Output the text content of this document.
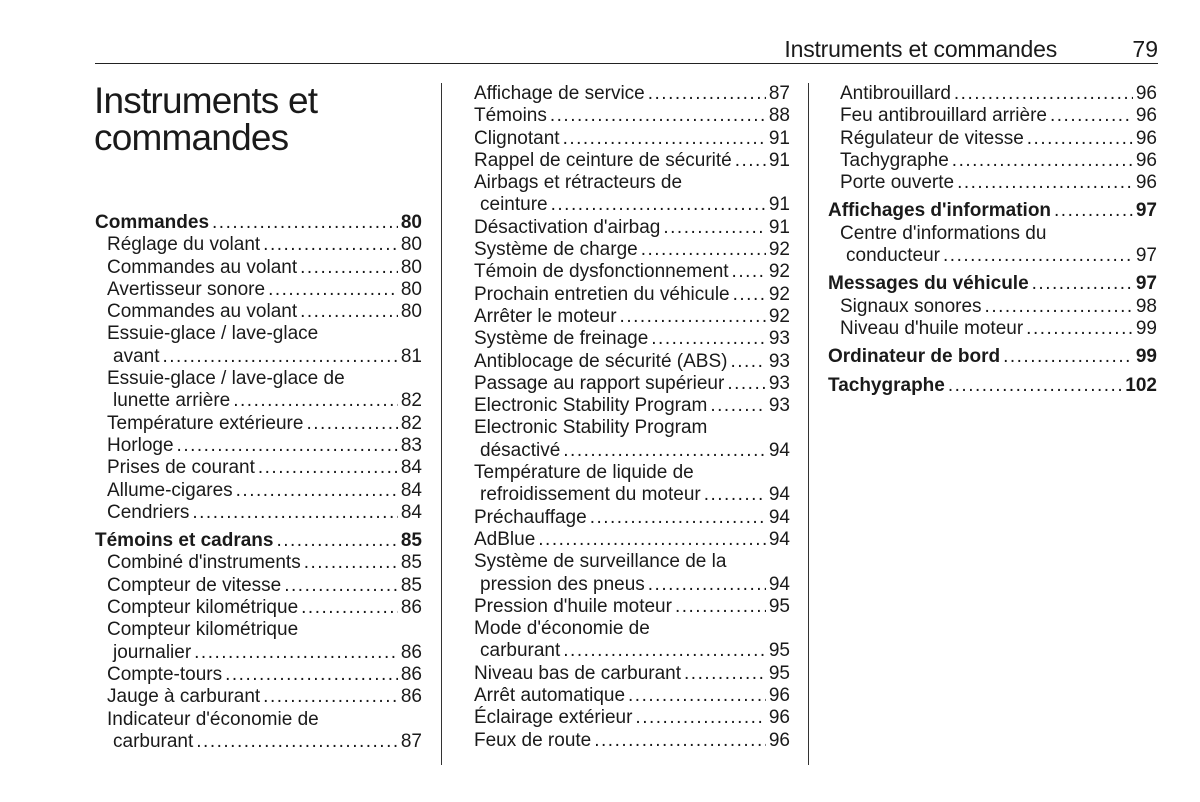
Instruments et commandes	79
Instruments et
commandes
Commandes .....	80
Réglage du volant .....	80
Commandes au volant .....	80
Avertisseur sonore .....	80
Commandes au volant .....	80
Essuie-glace / lave-glace
avant .....	81
Essuie-glace / lave-glace de
lunette arrière .....	82
Température extérieure .....	82
Horloge .....	83
Prises de courant .....	84
Allume-cigares .....	84
Cendriers .....	84
Témoins et cadrans .....	85
Combiné d'instruments .....	85
Compteur de vitesse .....	85
Compteur kilométrique .....	86
Compteur kilométrique
journalier .....	86
Compte-tours .....	86
Jauge à carburant .....	86
Indicateur d'économie de
carburant .....	87
Affichage de service .....	87
Témoins .....	88
Clignotant .....	91
Rappel de ceinture de sécurité ..... 91
Airbags et rétracteurs de
ceinture .....	91
Désactivation d'airbag .....	91
Système de charge .....	92
Témoin de dysfonctionnement ..... 92
Prochain entretien du véhicule ..... 92
Arrêter le moteur .....	92
Système de freinage .....	93
Antiblocage de sécurité (ABS) ..... 93
Passage au rapport supérieur ..... 93
Electronic Stability Program .....	93
Electronic Stability Program
désactivé .....	94
Température de liquide de
refroidissement du moteur .....	94
Préchauffage .....	94
AdBlue .....	94
Système de surveillance de la
pression des pneus .....	94
Pression d'huile moteur .....	95
Mode d'économie de
carburant .....	95
Niveau bas de carburant .....	95
Arrêt automatique .....	96
Éclairage extérieur .....	96
Feux de route .....	96
Antibrouillard .....	96
Feu antibrouillard arrière .....	96
Régulateur de vitesse .....	96
Tachygraphe .....	96
Porte ouverte .....	96
Affichages d'information .....	97
Centre d'informations du
conducteur .....	97
Messages du véhicule .....	97
Signaux sonores .....	98
Niveau d'huile moteur .....	99
Ordinateur de bord .....	99
Tachygraphe .....	102
